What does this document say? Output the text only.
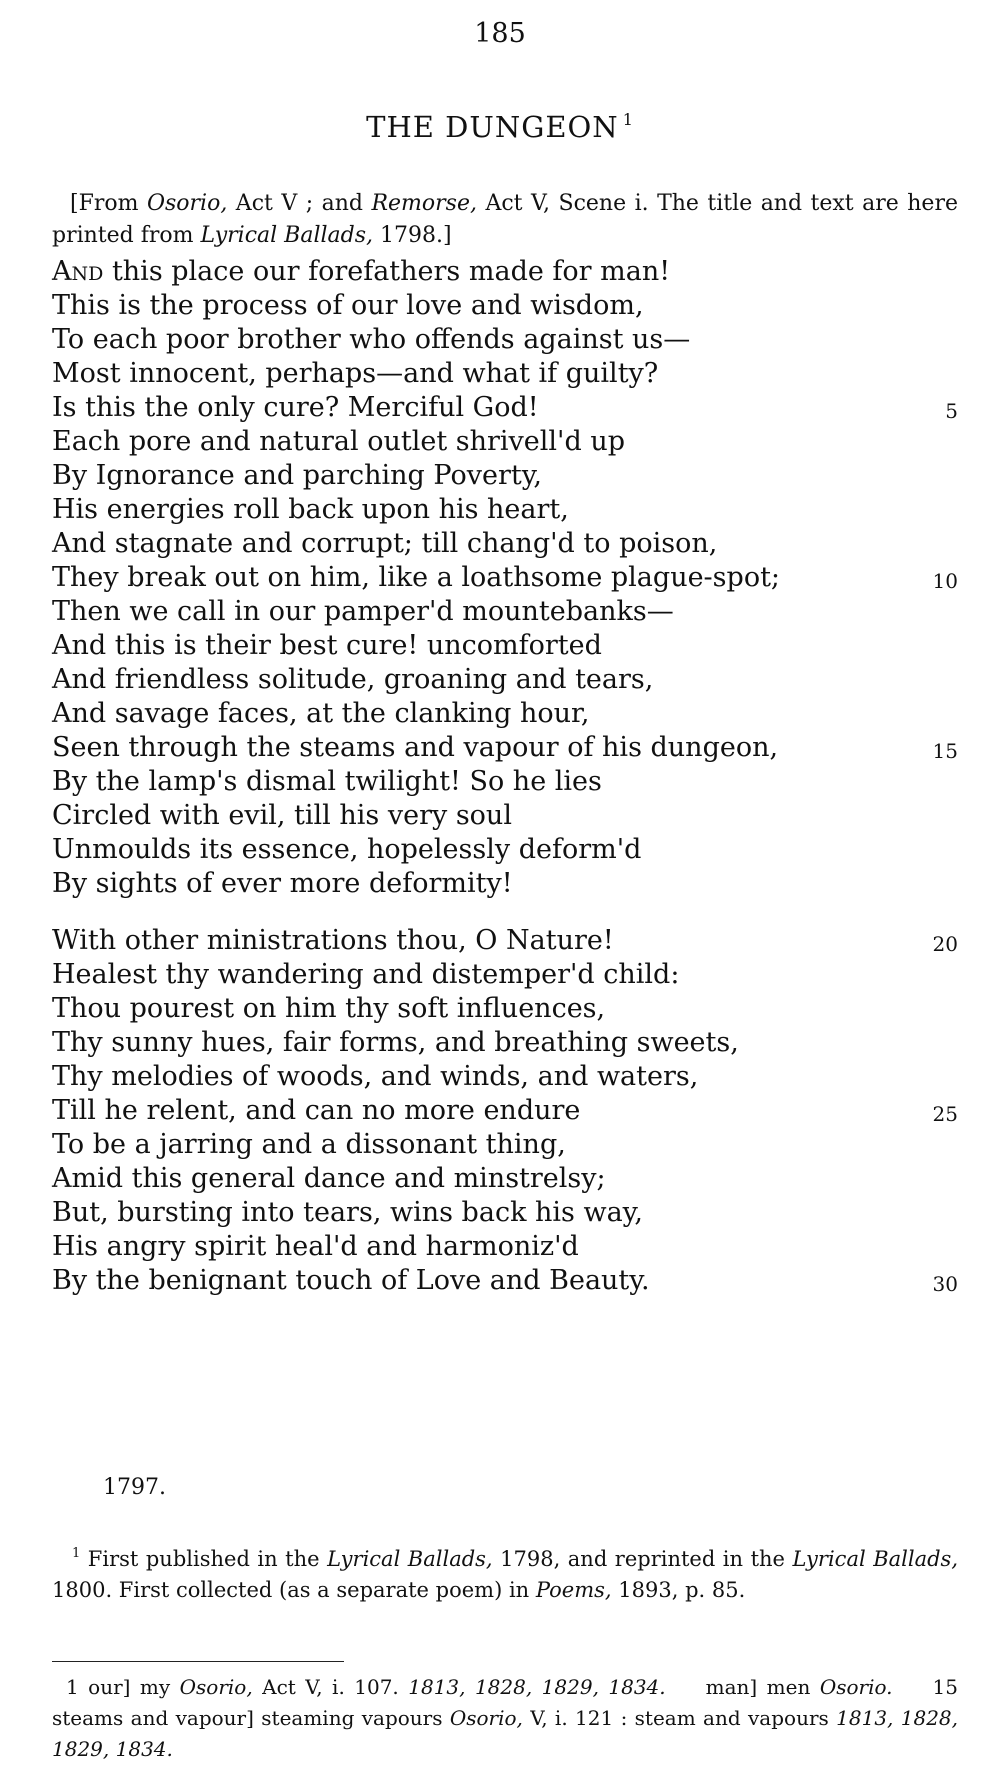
185
THE DUNGEON $^1$
[From Osorio, Act V ; and Remorse, Act V, Scene i. The title and text are here printed from Lyrical Ballads, 1798.]
And this place our forefathers made for man!
This is the process of our love and wisdom,
To each poor brother who offends against us—
Most innocent, perhaps—and what if guilty?
Is this the only cure? Merciful God!	5
Each pore and natural outlet shrivell'd up
By Ignorance and parching Poverty,
His energies roll back upon his heart,
And stagnate and corrupt; till chang'd to poison,
They break out on him, like a loathsome plague-spot;	10
Then we call in our pamper'd mountebanks—
And this is their best cure! uncomforted
And friendless solitude, groaning and tears,
And savage faces, at the clanking hour,
Seen through the steams and vapour of his dungeon,	15
By the lamp's dismal twilight! So he lies
Circled with evil, till his very soul
Unmoulds its essence, hopelessly deform'd
By sights of ever more deformity!
With other ministrations thou, O Nature!	20
Healest thy wandering and distemper'd child:
Thou pourest on him thy soft influences,
Thy sunny hues, fair forms, and breathing sweets,
Thy melodies of woods, and winds, and waters,
Till he relent, and can no more endure	25
To be a jarring and a dissonant thing,
Amid this general dance and minstrelsy;
But, bursting into tears, wins back his way,
His angry spirit heal'd and harmoniz'd
By the benignant touch of Love and Beauty.	30
1797.
$^1$ First published in the Lyrical Ballads, 1798, and reprinted in the Lyrical Ballads, 1800. First collected (as a separate poem) in Poems, 1893, p. 85.
1 our] my Osorio, Act V, i. 107. 1813, 1828, 1829, 1834. man] men Osorio. 15 steams and vapour] steaming vapours Osorio, V, i. 121 : steam and vapours 1813, 1828, 1829, 1834.
